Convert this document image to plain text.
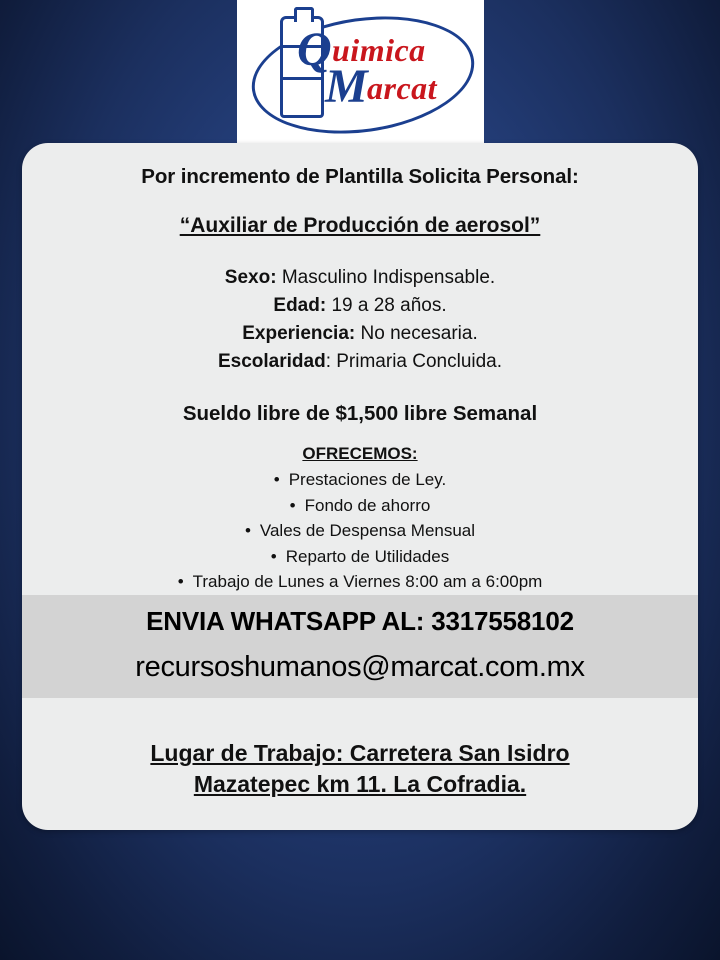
Q uimica
M arcat
Por incremento de Plantilla Solicita Personal:
“Auxiliar de Producción de aerosol”
Sexo: Masculino Indispensable.
Edad: 19 a 28 años.
Experiencia: No necesaria.
Escolaridad: Primaria Concluida.
Sueldo libre de $1,500 libre Semanal
OFRECEMOS:
• Prestaciones de Ley.
• Fondo de ahorro
• Vales de Despensa Mensual
• Reparto de Utilidades
• Trabajo de Lunes a Viernes 8:00 am a 6:00pm
ENVIA WHATSAPP AL: 3317558102
recursoshumanos@marcat.com.mx
Lugar de Trabajo: Carretera San Isidro
Mazatepec km 11. La Cofradia.
